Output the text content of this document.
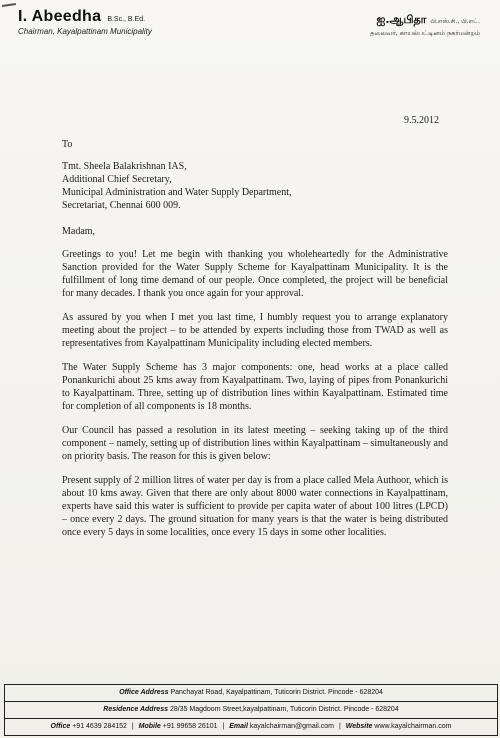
I. Abeedha B.Sc., B.Ed.
Chairman, Kayalpattinam Municipality
ஐ.ஆபிதா பி.எஸ்.சி., பி.எட்.
தலைவர், காயல்பட்டினம் நகர்மன்றம்
9.5.2012

To

Tmt. Sheela Balakrishnan IAS,

Additional Chief Secretary,

Municipal Administration and Water Supply Department,

Secretariat, Chennai 600 009.

Madam,

Greetings to you! Let me begin with thanking you wholeheartedly for the Administrative Sanction provided for the Water Supply Scheme for Kayalpattinam Municipality. It is the fulfillment of long time demand of our people. Once completed, the project will be beneficial for many decades. I thank you once again for your approval.

As assured by you when I met you last time, I humbly request you to arrange explanatory meeting about the project – to be attended by experts including those from TWAD as well as representatives from Kayalpattinam Municipality including elected members.

The Water Supply Scheme has 3 major components: one, head works at a place called Ponankurichi about 25 kms away from Kayalpattinam. Two, laying of pipes from Ponankurichi to Kayalpattinam. Three, setting up of distribution lines within Kayalpattinam. Estimated time for completion of all components is 18 months.

Our Council has passed a resolution in its latest meeting – seeking taking up of the third component – namely, setting up of distribution lines within Kayalpattinam – simultaneously and on priority basis. The reason for this is given below:

Present supply of 2 million litres of water per day is from a place called Mela Authoor, which is about 10 kms away. Given that there are only about 8000 water connections in Kayalpattinam, experts have said this water is sufficient to provide per capita water of about 100 litres (LPCD) – once every 2 days. The ground situation for many years is that the water is being distributed once every 5 days in some localities, once every 15 days in some other localities.

Office Address Panchayat Road, Kayalpattinam, Tuticorin District. Pincode - 628204
Residence Address 28/35 Magdoom Street,kayalpattinam, Tuticorin District. Pincode - 628204
Office +91 4639 284152 | Mobile +91 99658 26101 | Email kayalchairman@gmail.com | Website www.kayalchairman.com
